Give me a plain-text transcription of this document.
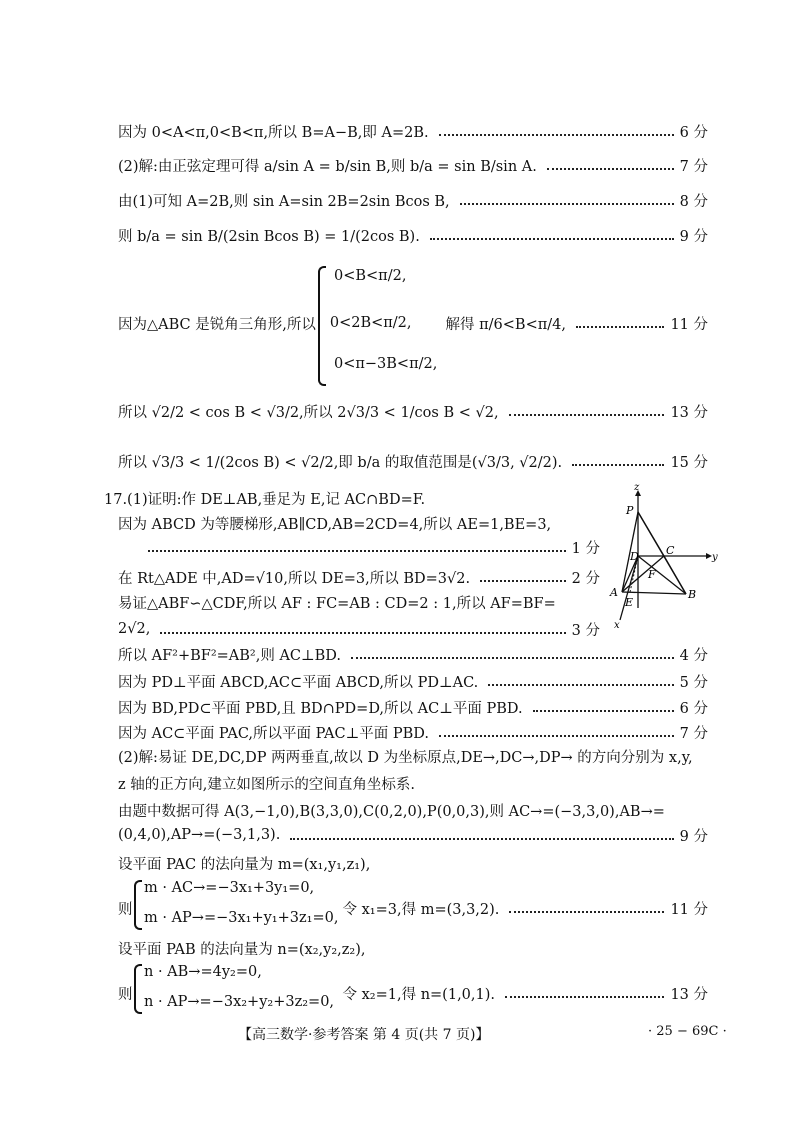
因为 0<A<π,0<B<π,所以 B=A−B,即 A=2B.	6 分
(2)解:由正弦定理可得 a/sin A = b/sin B,则 b/a = sin B/sin A.	7 分
由(1)可知 A=2B,则 sin A=sin 2B=2sin Bcos B,	8 分
则 b/a = sin B/(2sin Bcos B) = 1/(2cos B).	9 分
0<B<π/2,
因为△ABC 是锐角三角形,所以 0<2B<π/2, 解得 π/6<B<π/4,	11 分
0<π−3B<π/2,
所以 √2/2 < cos B < √3/2,所以 2√3/3 < 1/cos B < √2,	13 分
所以 √3/3 < 1/(2cos B) < √2/2,即 b/a 的取值范围是(√3/3, √2/2).	15 分
17.(1)证明:作 DE⊥AB,垂足为 E,记 AC∩BD=F.
因为 ABCD 为等腰梯形,AB∥CD,AB=2CD=4,所以 AE=1,BE=3,
1 分
在 Rt△ADE 中,AD=√10,所以 DE=3,所以 BD=3√2.	2 分
易证△ABF∽△CDF,所以 AF : FC=AB : CD=2 : 1,所以 AF=BF=
2√2,	3 分
z
P
D C
y
F
A
E
B
x
所以 AF²+BF²=AB²,则 AC⊥BD.	4 分
因为 PD⊥平面 ABCD,AC⊂平面 ABCD,所以 PD⊥AC.	5 分
因为 BD,PD⊂平面 PBD,且 BD∩PD=D,所以 AC⊥平面 PBD.	6 分
因为 AC⊂平面 PAC,所以平面 PAC⊥平面 PBD.	7 分
(2)解:易证 DE,DC,DP 两两垂直,故以 D 为坐标原点,DE→,DC→,DP→ 的方向分别为 x,y,
z 轴的正方向,建立如图所示的空间直角坐标系.
由题中数据可得 A(3,−1,0),B(3,3,0),C(0,2,0),P(0,0,3),则 AC→=(−3,3,0),AB→=
(0,4,0),AP→=(−3,1,3).	9 分
设平面 PAC 的法向量为 m=(x₁,y₁,z₁),
m · AC→=−3x₁+3y₁=0,
则	令 x₁=3,得 m=(3,3,2).	11 分
m · AP→=−3x₁+y₁+3z₁=0,
设平面 PAB 的法向量为 n=(x₂,y₂,z₂),
n · AB→=4y₂=0,
则	令 x₂=1,得 n=(1,0,1).	13 分
n · AP→=−3x₂+y₂+3z₂=0,
【高三数学·参考答案 第 4 页(共 7 页)】	· 25 − 69C ·
